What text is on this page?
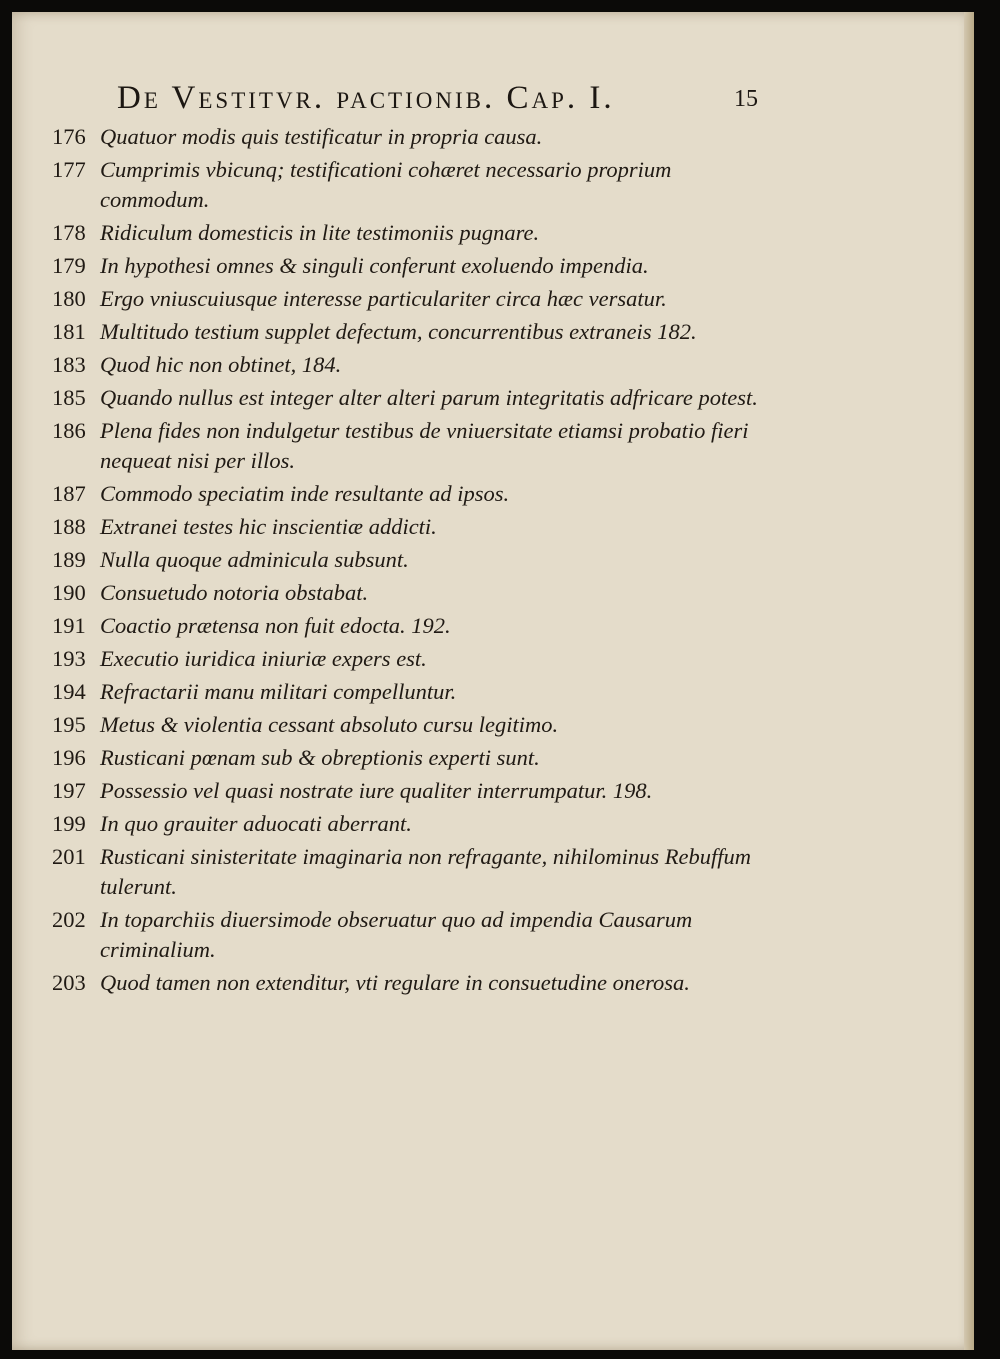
De Vestitvr. pactionib. Cap. I.	15
176 Quatuor modis quis testificatur in propria causa.
177 Cumprimis vbicunq; testificationi cohæret necessario proprium commodum.
178 Ridiculum domesticis in lite testimoniis pugnare.
179 In hypothesi omnes & singuli conferunt exoluendo impendia.
180 Ergo vniuscuiusque interesse particulariter circa hæc versatur.
181 Multitudo testium supplet defectum, concurrentibus extraneis 182.
183 Quod hic non obtinet, 184.
185 Quando nullus est integer alter alteri parum integritatis adfricare potest.
186 Plena fides non indulgetur testibus de vniuersitate etiamsi probatio fieri nequeat nisi per illos.
187 Commodo speciatim inde resultante ad ipsos.
188 Extranei testes hic inscientiæ addicti.
189 Nulla quoque adminicula subsunt.
190 Consuetudo notoria obstabat.
191 Coactio prætensa non fuit edocta. 192.
193 Executio iuridica iniuriæ expers est.
194 Refractarii manu militari compelluntur.
195 Metus & violentia cessant absoluto cursu legitimo.
196 Rusticani pœnam sub & obreptionis experti sunt.
197 Possessio vel quasi nostrate iure qualiter interrumpatur. 198.
199 In quo grauiter aduocati aberrant.
201 Rusticani sinisteritate imaginaria non refragante, nihilominus Rebuffum tulerunt.
202 In toparchiis diuersimode obseruatur quo ad impendia Causarum criminalium.
203 Quod tamen non extenditur, vti regulare in consuetudine onerosa.
